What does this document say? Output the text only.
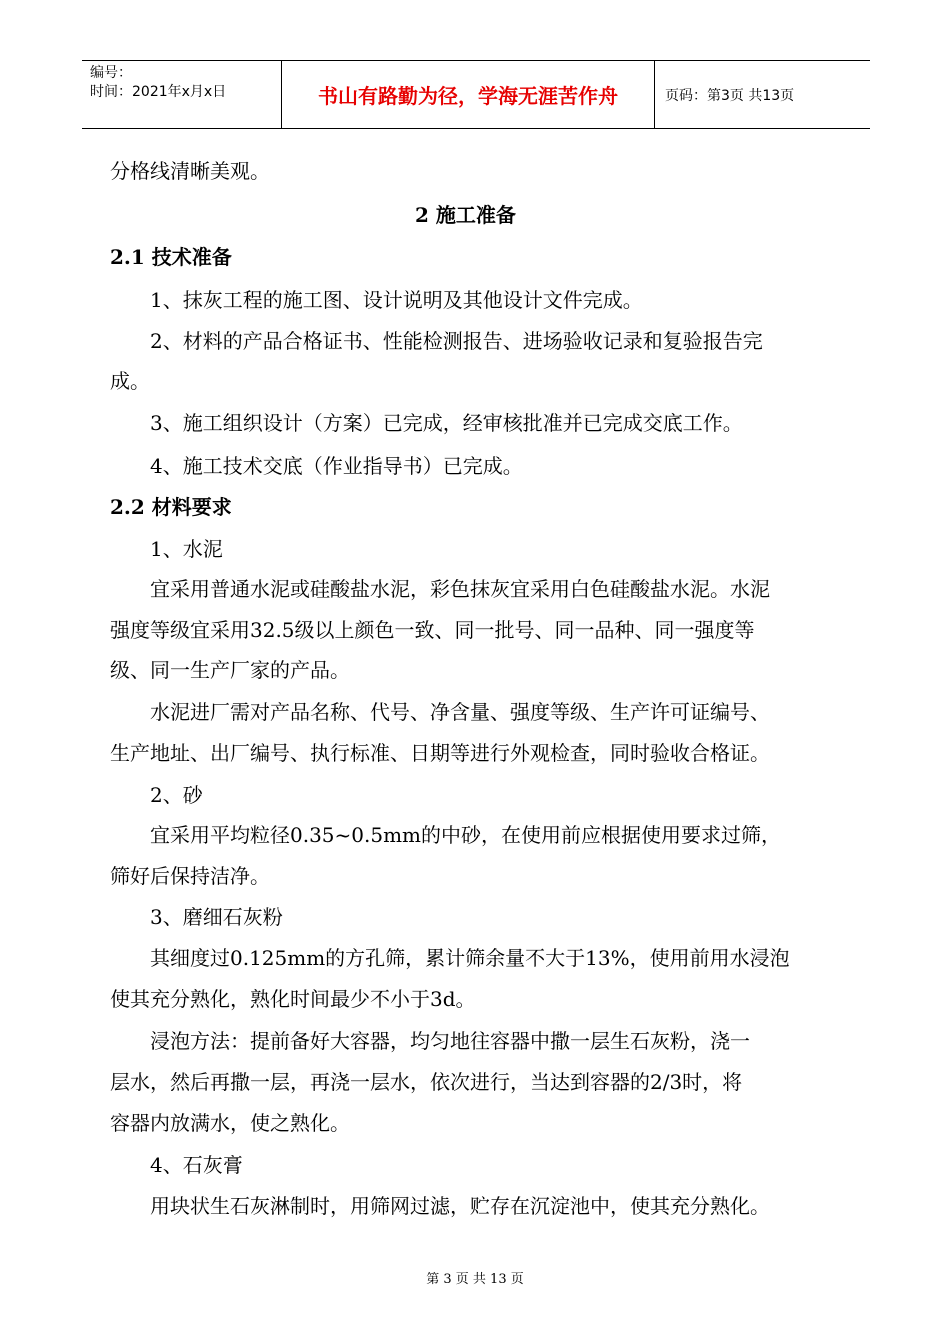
编号：
时间：2021年x月x日	书山有路勤为径，学海无涯苦作舟	页码：第3页 共13页
分格线清晰美观。
2 施工准备
2.1 技术准备
1、抹灰工程的施工图、设计说明及其他设计文件完成。
2、材料的产品合格证书、性能检测报告、进场验收记录和复验报告完
成。
3、施工组织设计（方案）已完成，经审核批准并已完成交底工作。
4、施工技术交底（作业指导书）已完成。
2.2 材料要求
1、水泥
宜采用普通水泥或硅酸盐水泥，彩色抹灰宜采用白色硅酸盐水泥。水泥
强度等级宜采用32.5级以上颜色一致、同一批号、同一品种、同一强度等
级、同一生产厂家的产品。
水泥进厂需对产品名称、代号、净含量、强度等级、生产许可证编号、
生产地址、出厂编号、执行标准、日期等进行外观检查，同时验收合格证。
2、砂
宜采用平均粒径0.35~0.5mm的中砂，在使用前应根据使用要求过筛，
筛好后保持洁净。
3、磨细石灰粉
其细度过0.125mm的方孔筛，累计筛余量不大于13%，使用前用水浸泡
使其充分熟化，熟化时间最少不小于3d。
浸泡方法：提前备好大容器，均匀地往容器中撒一层生石灰粉，浇一
层水，然后再撒一层，再浇一层水，依次进行，当达到容器的2/3时，将
容器内放满水，使之熟化。
4、石灰膏
用块状生石灰淋制时，用筛网过滤，贮存在沉淀池中，使其充分熟化。
第 3 页 共 13 页
